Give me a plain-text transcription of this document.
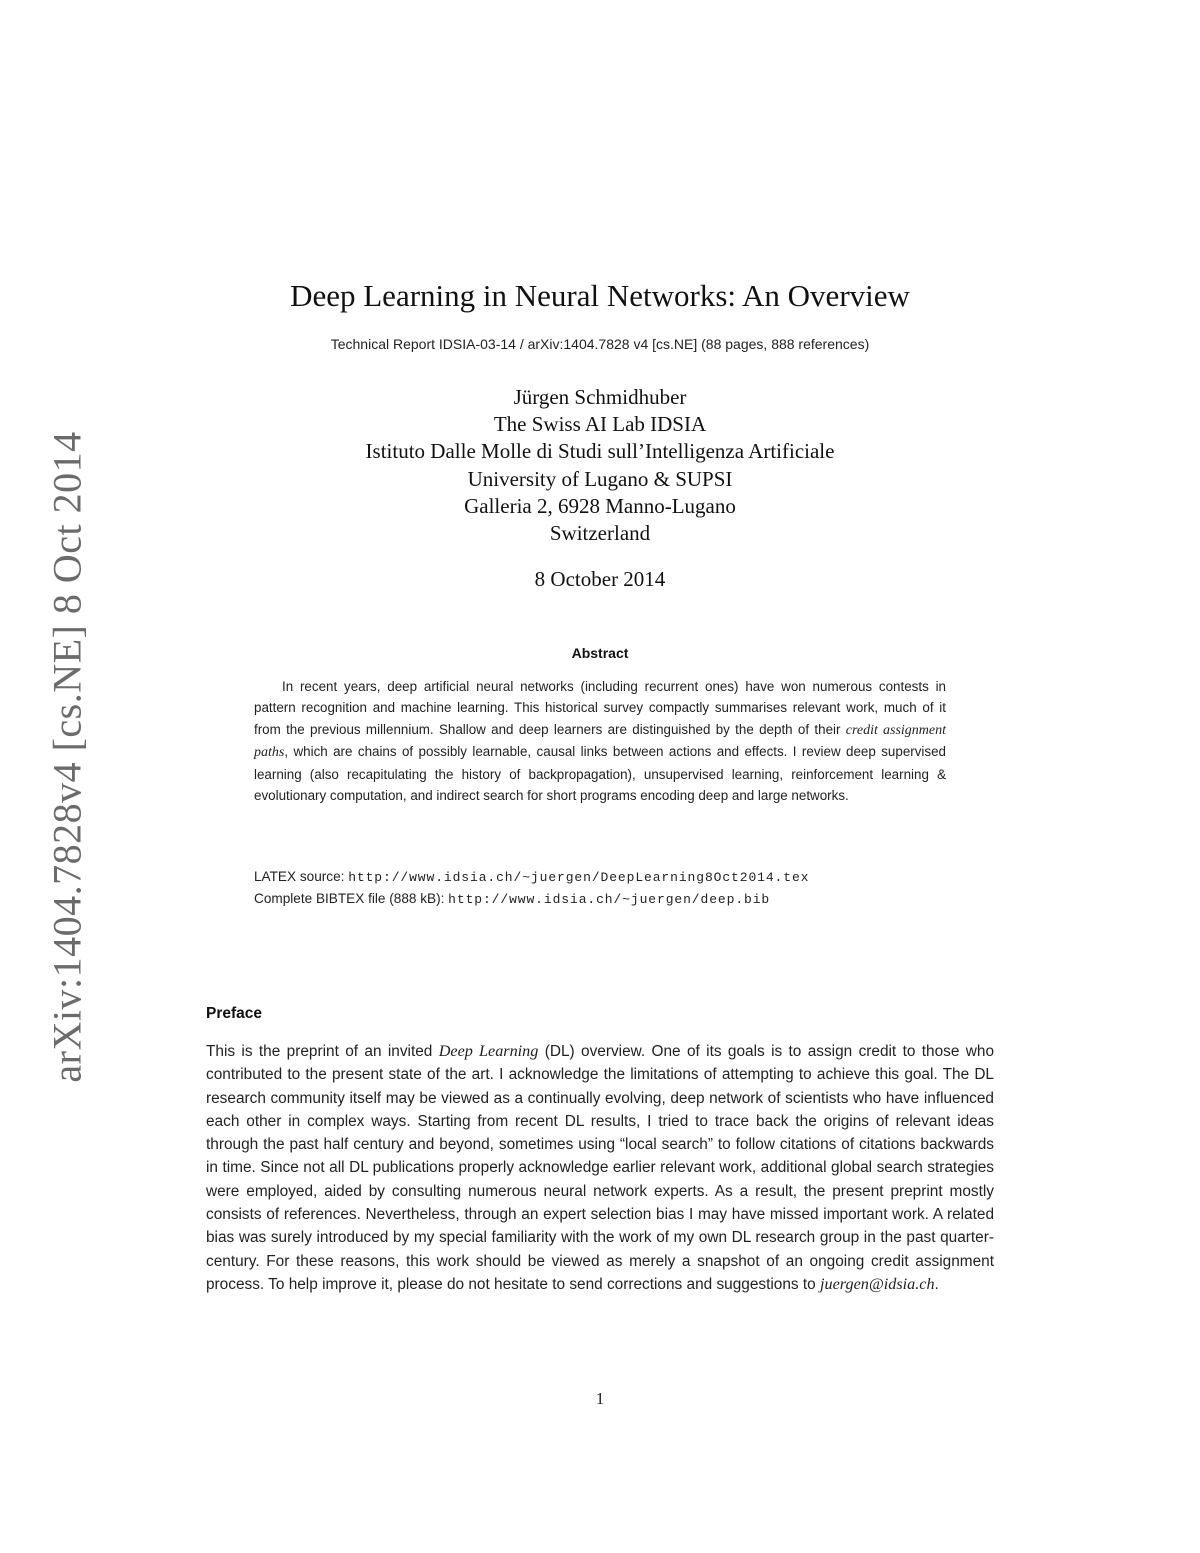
arXiv:1404.7828v4 [cs.NE] 8 Oct 2014
Deep Learning in Neural Networks: An Overview
Technical Report IDSIA-03-14 / arXiv:1404.7828 v4 [cs.NE] (88 pages, 888 references)
Jürgen Schmidhuber
The Swiss AI Lab IDSIA
Istituto Dalle Molle di Studi sull’Intelligenza Artificiale
University of Lugano & SUPSI
Galleria 2, 6928 Manno-Lugano
Switzerland
8 October 2014
Abstract

In recent years, deep artificial neural networks (including recurrent ones) have won numerous contests in pattern recognition and machine learning. This historical survey compactly summarises relevant work, much of it from the previous millennium. Shallow and deep learners are distinguished by the depth of their credit assignment paths, which are chains of possibly learnable, causal links between actions and effects. I review deep supervised learning (also recapitulating the history of backpropagation), unsupervised learning, reinforcement learning & evolutionary computation, and indirect search for short programs encoding deep and large networks.

LATEX source: http://www.idsia.ch/~juergen/DeepLearning8Oct2014.tex
Complete BIBTEX file (888 kB): http://www.idsia.ch/~juergen/deep.bib
Preface

This is the preprint of an invited Deep Learning (DL) overview. One of its goals is to assign credit to those who contributed to the present state of the art. I acknowledge the limitations of attempting to achieve this goal. The DL research community itself may be viewed as a continually evolving, deep network of scientists who have influenced each other in complex ways. Starting from recent DL results, I tried to trace back the origins of relevant ideas through the past half century and beyond, sometimes using “local search” to follow citations of citations backwards in time. Since not all DL publications properly acknowledge earlier relevant work, additional global search strategies were employed, aided by consulting numerous neural network experts. As a result, the present preprint mostly consists of references. Nevertheless, through an expert selection bias I may have missed important work. A related bias was surely introduced by my special familiarity with the work of my own DL research group in the past quarter-century. For these reasons, this work should be viewed as merely a snapshot of an ongoing credit assignment process. To help improve it, please do not hesitate to send corrections and suggestions to juergen@idsia.ch.

1
